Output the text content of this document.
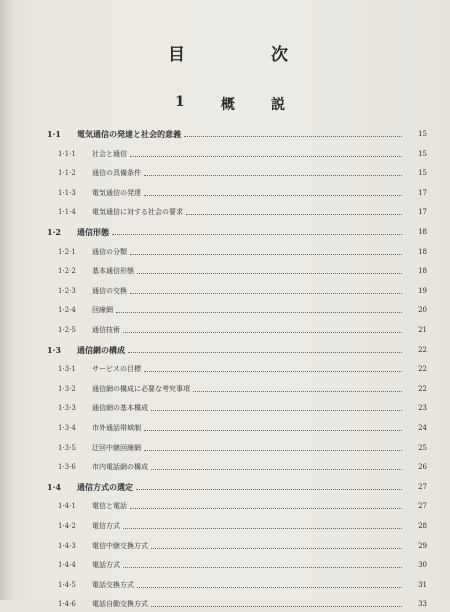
目	次
1	概	説
1·1	電気通信の発達と社会的意義	15
1·1·1	社会と通信	15
1·1·2	通信の具備条件	15
1·1·3	電気通信の発達	17
1·1·4	電気通信に対する社会の要求	17
1·2	通信形態	18
1·2·1	通信の分類	18
1·2·2	基本通信形態	18
1·2·3	通信の交換	19
1·2·4	回線網	20
1·2·5	通信技術	21
1·3	通信網の構成	22
1·3·1	サービスの目標	22
1·3·2	通信網の構成に必要な考究事項	22
1·3·3	通信網の基本構成	23
1·3·4	市外通話帯域制	24
1·3·5	迂回中継回線網	25
1·3·6	市内電話網の構成	26
1·4	通信方式の選定	27
1·4·1	電信と電話	27
1·4·2	電信方式	28
1·4·3	電信中継交換方式	29
1·4·4	電話方式	30
1·4·5	電話交換方式	31
1·4·6	電話自動交換方式	33
